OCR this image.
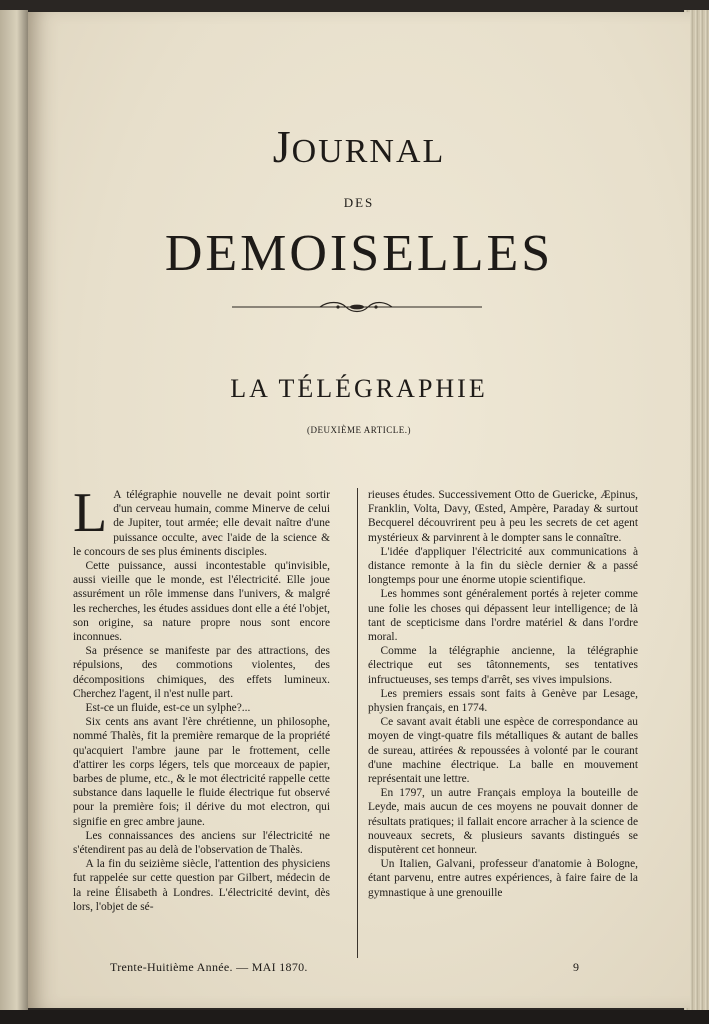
JOURNAL
DES
DEMOISELLES
LA TÉLÉGRAPHIE
(DEUXIÈME ARTICLE.)
L A télégraphie nouvelle ne devait point sortir d'un cerveau humain, comme Minerve de celui de Jupiter, tout armée; elle devait naître d'une puissance occulte, avec l'aide de la science & le concours de ses plus éminents disciples.

Cette puissance, aussi incontestable qu'invisible, aussi vieille que le monde, est l'électricité. Elle joue assurément un rôle immense dans l'univers, & malgré les recherches, les études assidues dont elle a été l'objet, son origine, sa nature propre nous sont encore inconnues.

Sa présence se manifeste par des attractions, des répulsions, des commotions violentes, des décompositions chimiques, des effets lumineux. Cherchez l'agent, il n'est nulle part.

Est-ce un fluide, est-ce un sylphe?...

Six cents ans avant l'ère chrétienne, un philosophe, nommé Thalès, fit la première remarque de la propriété qu'acquiert l'ambre jaune par le frottement, celle d'attirer les corps légers, tels que morceaux de papier, barbes de plume, etc., & le mot électricité rappelle cette substance dans laquelle le fluide électrique fut observé pour la première fois; il dérive du mot electron, qui signifie en grec ambre jaune.

Les connaissances des anciens sur l'électricité ne s'étendirent pas au delà de l'observation de Thalès.

A la fin du seizième siècle, l'attention des physiciens fut rappelée sur cette question par Gilbert, médecin de la reine Élisabeth à Londres. L'électricité devint, dès lors, l'objet de sé-

rieuses études. Successivement Otto de Guericke, Æpinus, Franklin, Volta, Davy, Œsted, Ampère, Paraday & surtout Becquerel découvrirent peu à peu les secrets de cet agent mystérieux & parvinrent à le dompter sans le connaître.

L'idée d'appliquer l'électricité aux communications à distance remonte à la fin du siècle dernier & a passé longtemps pour une énorme utopie scientifique.

Les hommes sont généralement portés à rejeter comme une folie les choses qui dépassent leur intelligence; de là tant de scepticisme dans l'ordre matériel & dans l'ordre moral.

Comme la télégraphie ancienne, la télégraphie électrique eut ses tâtonnements, ses tentatives infructueuses, ses temps d'arrêt, ses vives impulsions.

Les premiers essais sont faits à Genève par Lesage, physien français, en 1774.

Ce savant avait établi une espèce de correspondance au moyen de vingt-quatre fils métalliques & autant de balles de sureau, attirées & repoussées à volonté par le courant d'une machine électrique. La balle en mouvement représentait une lettre.

En 1797, un autre Français employa la bouteille de Leyde, mais aucun de ces moyens ne pouvait donner de résultats pratiques; il fallait encore arracher à la science de nouveaux secrets, & plusieurs savants distingués se disputèrent cet honneur.

Un Italien, Galvani, professeur d'anatomie à Bologne, étant parvenu, entre autres expériences, à faire faire de la gymnastique à une grenouille

Trente-Huitième Année. — MAI 1870.	9
